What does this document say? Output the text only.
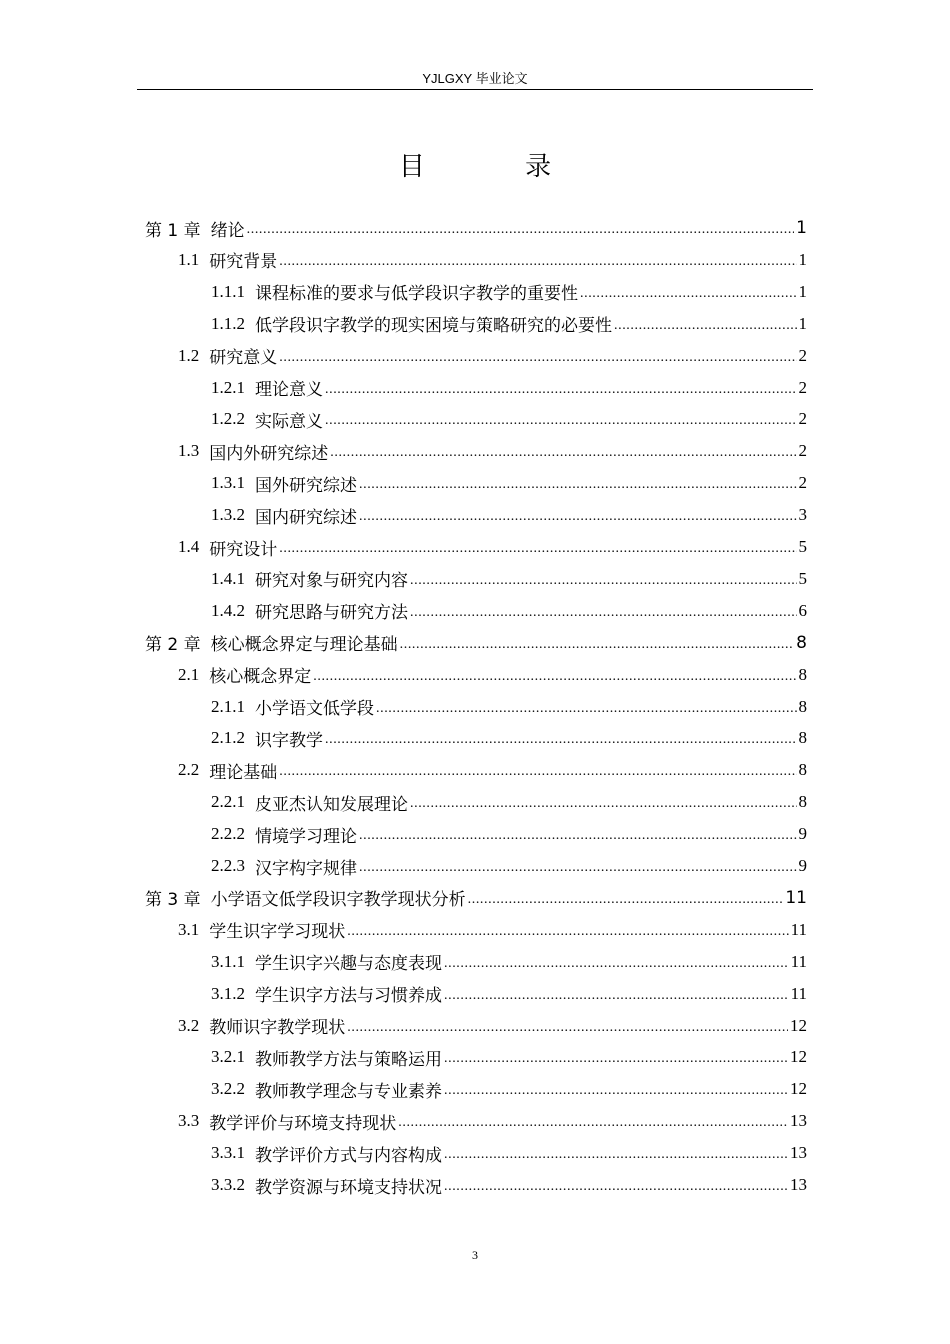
YJLGXY 毕业论文
目 录
第 1 章 绪论 .....	1
1.1 研究背景 .....	1
1.1.1 课程标准的要求与低学段识字教学的重要性 .....	1
1.1.2 低学段识字教学的现实困境与策略研究的必要性 .....	1
1.2 研究意义 .....	2
1.2.1 理论意义 .....	2
1.2.2 实际意义 .....	2
1.3 国内外研究综述 .....	2
1.3.1 国外研究综述 .....	2
1.3.2 国内研究综述 .....	3
1.4 研究设计 .....	5
1.4.1 研究对象与研究内容 .....	5
1.4.2 研究思路与研究方法 .....	6
第 2 章 核心概念界定与理论基础 .....	8
2.1 核心概念界定 .....	8
2.1.1 小学语文低学段 .....	8
2.1.2 识字教学 .....	8
2.2 理论基础 .....	8
2.2.1 皮亚杰认知发展理论 .....	8
2.2.2 情境学习理论 .....	9
2.2.3 汉字构字规律 .....	9
第 3 章 小学语文低学段识字教学现状分析 .....	11
3.1 学生识字学习现状 .....	11
3.1.1 学生识字兴趣与态度表现 .....	11
3.1.2 学生识字方法与习惯养成 .....	11
3.2 教师识字教学现状 .....	12
3.2.1 教师教学方法与策略运用 .....	12
3.2.2 教师教学理念与专业素养 .....	12
3.3 教学评价与环境支持现状 .....	13
3.3.1 教学评价方式与内容构成 .....	13
3.3.2 教学资源与环境支持状况 .....	13
3
